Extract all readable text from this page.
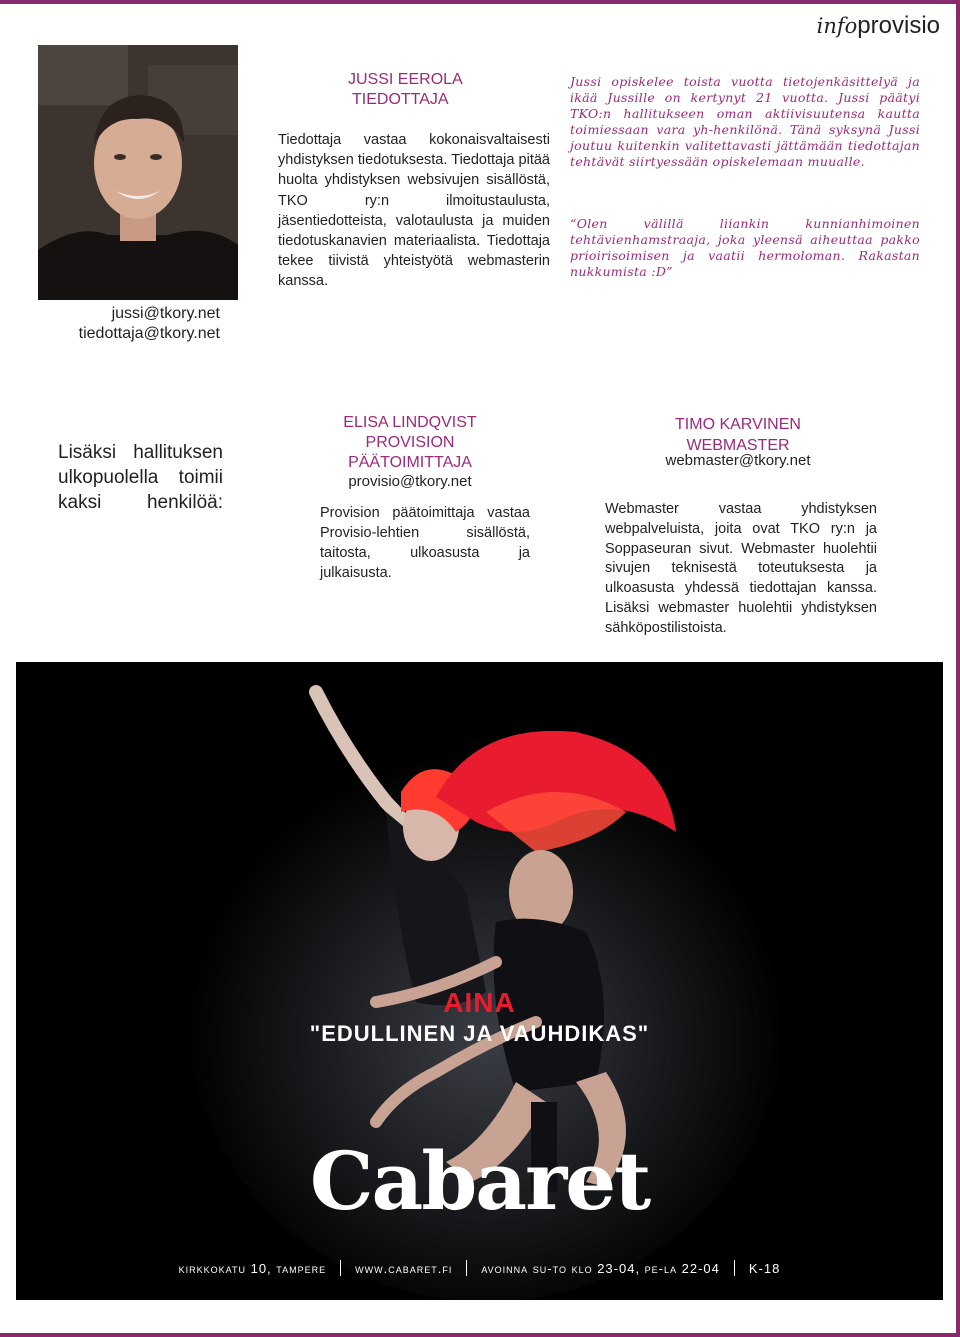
infoprovisio
jussi@tkory.net
tiedottaja@tkory.net
JUSSI EEROLA
TIEDOTTAJA
Tiedottaja vastaa kokonaisvaltaisesti yhdistyksen tiedotuksesta. Tiedottaja pitää huolta yhdistyksen websivujen sisällöstä, TKO ry:n ilmoitustaulusta, jäsentiedotteista, valotaulusta ja muiden tiedotuskanavien materiaalista. Tiedottaja tekee tiivistä yhteistyötä webmasterin kanssa.
Jussi opiskelee toista vuotta tietojenkäsittelyä ja ikää Jussille on kertynyt 21 vuotta. Jussi päätyi TKO:n hallitukseen oman aktiivisuutensa kautta toimiessaan vara yh-henkilönä. Tänä syksynä Jussi joutuu kuitenkin valitettavasti jättämään tiedottajan tehtävät siirtyessään opiskelemaan muualle.
“Olen välillä liiankin kunnianhimoinen tehtävienhamstraaja, joka yleensä aiheuttaa pakko prioirisoimisen ja vaatii hermoloman. Rakastan nukkumista :D”
Lisäksi hallituksen ulkopuolella toimii kaksi henkilöä:
ELISA LINDQVIST
PROVISION PÄÄTOIMITTAJA
provisio@tkory.net
Provision päätoimittaja vastaa Provisio-lehtien sisällöstä, taitosta, ulkoasusta ja julkaisusta.
TIMO KARVINEN
WEBMASTER
webmaster@tkory.net
Webmaster vastaa yhdistyksen webpalveluista, joita ovat TKO ry:n ja Soppaseuran sivut. Webmaster huolehtii sivujen teknisestä toteutuksesta ja ulkoasusta yhdessä tiedottajan kanssa. Lisäksi webmaster huolehtii yhdistyksen sähköpostilistoista.
AINA
"EDULLINEN JA VAUHDIKAS"
Cabaret
kirkkokatu 10, tampere www.cabaret.fi avoinna su-to klo 23-04, pe-la 22-04 K-18
